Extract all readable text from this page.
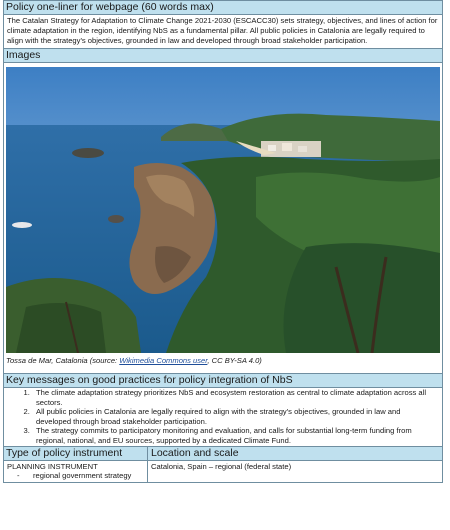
Policy one-liner for webpage (60 words max)
The Catalan Strategy for Adaptation to Climate Change 2021-2030 (ESCACC30) sets strategy, objectives, and lines of action for climate adaptation in the region, identifying NbS as a fundamental pillar. All public policies in Catalonia are legally required to align with the strategy's objectives, grounded in law and developed through broad stakeholder participation.
Images
Tossa de Mar, Catalonia (source: Wikimedia Commons user, CC BY-SA 4.0)
Key messages on good practices for policy integration of NbS
1. The climate adaptation strategy prioritizes NbS and ecosystem restoration as central to climate adaptation across all sectors.
2. All public policies in Catalonia are legally required to align with the strategy's objectives, grounded in law and developed through broad stakeholder participation.
3. The strategy commits to participatory monitoring and evaluation, and calls for substantial long-term funding from regional, national, and EU sources, supported by a dedicated Climate Fund.
Type of policy instrument	Location and scale
PLANNING INSTRUMENT
-	regional government strategy
Catalonia, Spain – regional (federal state)
